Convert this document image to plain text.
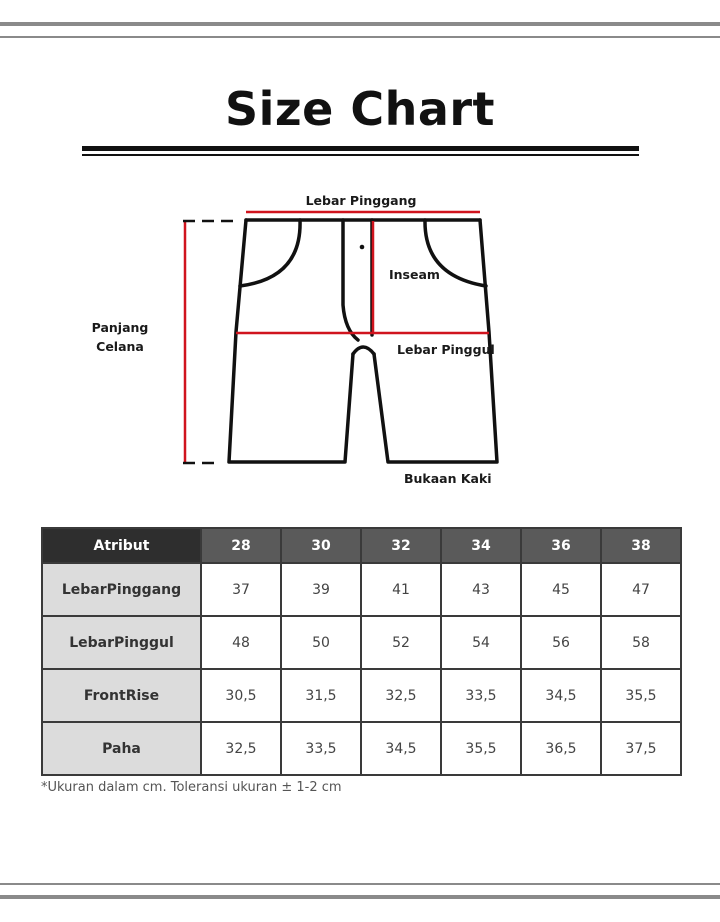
Size Chart
Lebar Pinggang
Inseam
Panjang
Celana	Lebar Pinggul
Bukaan Kaki
Atribut	28	30	32	34	36	38
LebarPinggang	37	39	41	43	45	47
LebarPinggul	48	50	52	54	56	58
FrontRise	30,5	31,5	32,5	33,5	34,5	35,5
Paha	32,5	33,5	34,5	35,5	36,5	37,5
*Ukuran dalam cm. Toleransi ukuran ± 1-2 cm
